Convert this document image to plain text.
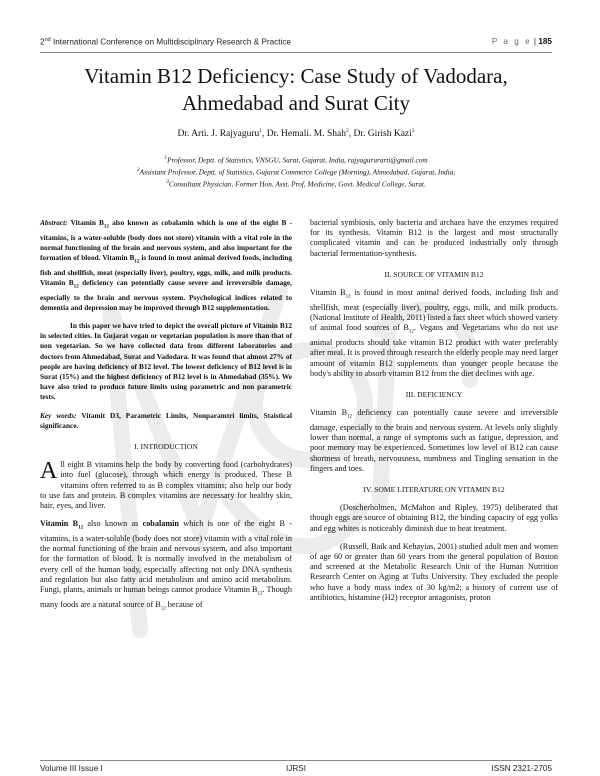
2nd International Conference on Multidisciplinary Research & Practice	P a g e | 185
Vitamin B12 Deficiency: Case Study of Vadodara,
Ahmedabad and Surat City
Dr. Arti. J. Rajyaguru$^1$, Dr. Hemali. M. Shah$^2$, Dr. Girish Kazi$^3$
$^1$Professor, Deptt. of Statistics, VNSGU, Surat, Gujarat, India, rajyagururarti@gmail.com
$^2$Assistant Professor, Deptt. of Statistics, Gujarat Commerce College (Morning), Ahmedabad, Gujarat, India,
$^3$Consultant Physician, Former Hon. Asst. Prof, Medicine, Govt. Medical College, Surat.

Abstract: Vitamin $B_{12}$ also known as cobalamin which is one of the eight B - vitamins, is a water-soluble (body does not store) vitamin with a vital role in the normal functioning of the brain and nervous system, and also important for the formation of blood. Vitamin $B_{12}$ is found in most animal derived foods, including fish and shellfish, meat (especially liver), poultry, eggs, milk, and milk products. Vitamin $B_{12}$ deficiency can potentially cause severe and irreversible damage, especially to the brain and nervous system. Psychological indices related to dementia and depression may be improved through B12 supplementation.

In this paper we have tried to depict the overall picture of Vitamin B12 in selected cities. In Gujarat vegan or vegetarian population is more than that of non vegetarian. So we have collected data from different laboratories and doctors from Ahmedabad, Surat and Vadodara. It was found that almost 27% of people are having deficiency of B12 level. The lowest deficiency of B12 level is in Surat (15%) and the highest deficiency of B12 level is in Ahmedabad (35%). We have also tried to produce future limits using parametric and non parametric tests.

Key words: Vitamit D3, Parametric Limits, Nonparamtri limits, Staistical significance.

I. INTRODUCTION

All eight B vitamins help the body by converting food (carbohydrates) into fuel (glucose), through which energy is produced. These B vitamins often referred to as B complex vitamins; also help our body to use fats and protein. B complex vitamins are necessary for healthy skin, hair, eyes, and liver.

Vitamin $B_{12}$ also known as cobalamin which is one of the eight B - vitamins, is a water-soluble (body does not store) vitamin with a vital role in the normal functioning of the brain and nervous system, and also important for the formation of blood. It is normally involved in the metabolism of every cell of the human body, especially affecting not only DNA synthesis and regulation but also fatty acid metabolism and amino acid metabolism. Fungi, plants, animals or human beings cannot produce Vitamin $B_{12}$. Though many foods are a natural source of $B_{12}$ because of

bacterial symbiosis, only bacteria and archaea have the enzymes required for its synthesis. Vitamin B12 is the largest and most structurally complicated vitamin and can be produced industrially only through bacterial fermentation-synthesis.

II. SOURCE OF VITAMIN B12

Vitamin $B_{12}$ is found in most animal derived foods, including fish and shellfish, meat (especially liver), poultry, eggs, milk, and milk products. (National Institute of Health, 2011) listed a fact sheet which showed variety of animal food sources of $B_{12}$. Vegans and Vegetarians who do not use animal products should take vitamin B12 product with water preferably after meal. It is proved through research the elderly people may need larger amount of vitamin B12 supplements than younger people because the body's ability to absorb vitamin B12 from the diet declines with age.

III. DEFICIENCY

Vitamin $B_{12}$ deficiency can potentially cause severe and irreversible damage, especially to the brain and nervous system. At levels only slightly lower than normal, a range of symptoms such as fatigue, depression, and poor memory may be experienced. Sometimes low level of B12 can cause shortness of breath, nervousness, numbness and Tingling sensation in the fingers and toes.

IV. SOME LITERATURE ON VITAMIN B12

(Doscherholmen, McMahon and Ripley, 1975) deliberated that though eggs are source of obtaining B12, the binding capacity of egg yolks and egg whites is noticeably diminish due to heat treatment.

(Russell, Baik and Kehayias, 2001) studied adult men and women of age 60 or greater than 60 years from the general population of Boston and screened at the Metabolic Research Unit of the Human Nutrition Research Center on Aging at Tufts University. They excluded the people who have a body mass index of 30 kg/m2; a history of current use of antibiotics, histamine (H2) receptor antagonists, proton

Volume III Issue I	IJRSI	ISSN 2321-2705
